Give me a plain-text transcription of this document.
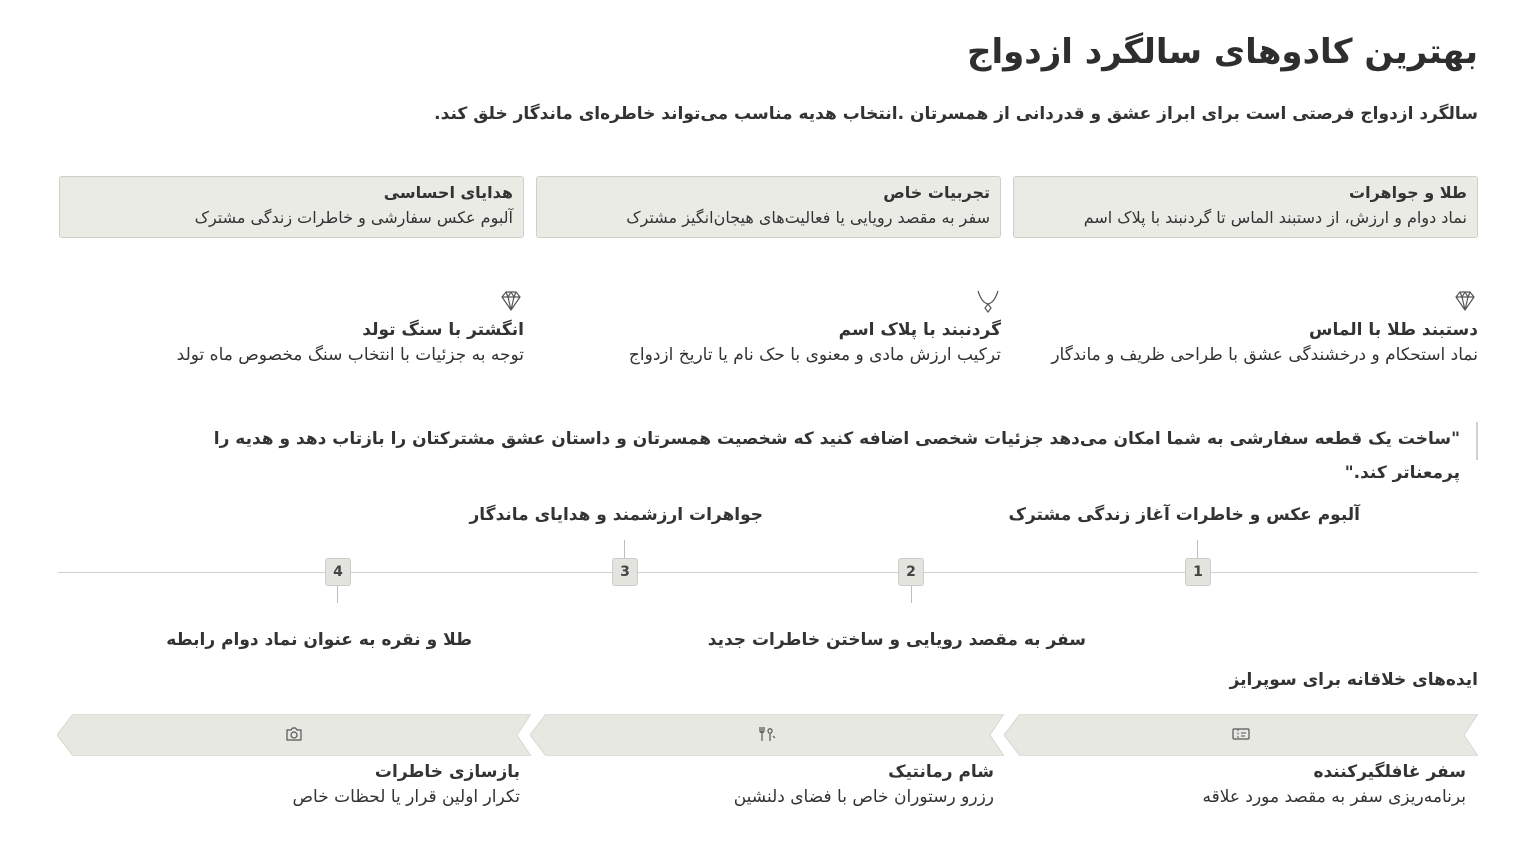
بهترین کادوهای سالگرد ازدواج

سالگرد ازدواج فرصتی است برای ابراز عشق و قدردانی از همسرتان .انتخاب هدیه مناسب می‌تواند خاطره‌ای ماندگار خلق کند.

طلا و جواهرات
نماد دوام و ارزش، از دستبند الماس تا گردنبند با پلاک اسم
تجربیات خاص
سفر به مقصد رویایی یا فعالیت‌های هیجان‌انگیز مشترک
هدایای احساسی
آلبوم عکس سفارشی و خاطرات زندگی مشترک
دستبند طلا با الماس
نماد استحکام و درخشندگی عشق با طراحی ظریف و ماندگار
گردنبند با پلاک اسم
ترکیب ارزش مادی و معنوی با حک نام یا تاریخ ازدواج
انگشتر با سنگ تولد
توجه به جزئیات با انتخاب سنگ مخصوص ماه تولد
"ساخت یک قطعه سفارشی به شما امکان می‌دهد جزئیات شخصی اضافه کنید که شخصیت همسرتان و داستان عشق مشترکتان را بازتاب دهد و هدیه را پرمعناتر کند."
1
2
3
4
آلبوم عکس و خاطرات آغاز زندگی مشترک
سفر به مقصد رویایی و ساختن خاطرات جدید
جواهرات ارزشمند و هدایای ماندگار
طلا و نقره به عنوان نماد دوام رابطه
ایده‌های خلاقانه برای سوپرایز
سفر غافلگیرکننده
برنامه‌ریزی سفر به مقصد مورد علاقه
شام رمانتیک
رزرو رستوران خاص با فضای دلنشین
بازسازی خاطرات
تکرار اولین قرار یا لحظات خاص
